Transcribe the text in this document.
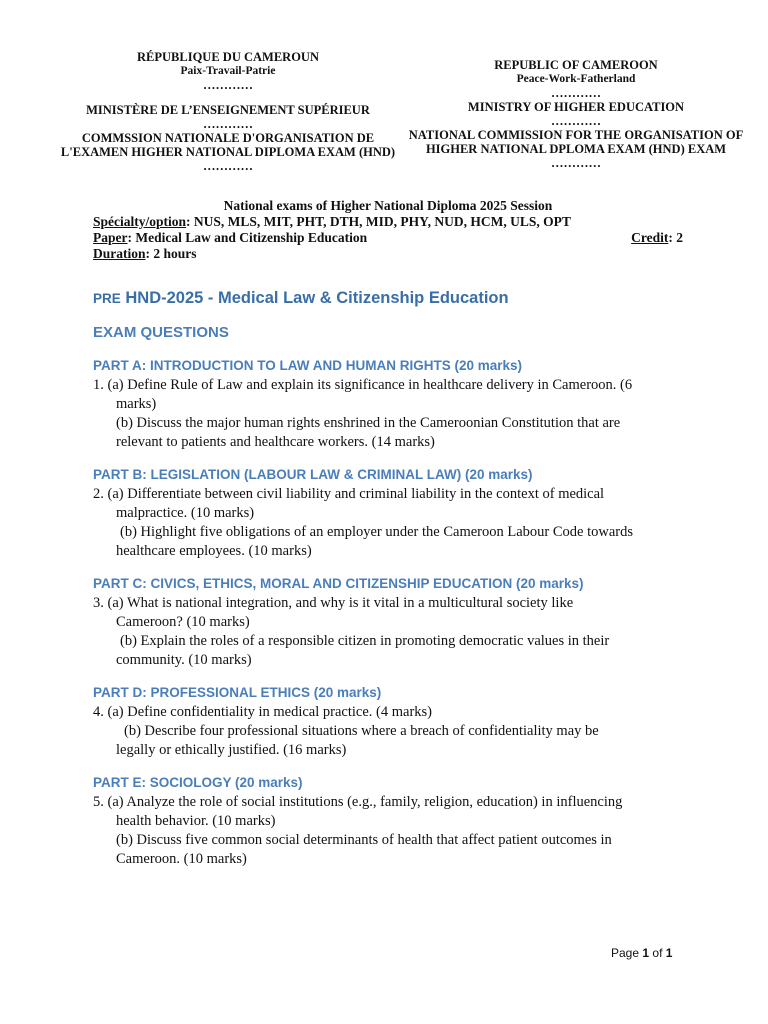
RÉPUBLIQUE DU CAMEROUN

Paix-Travail-Patrie

…………

MINISTÈRE DE L’ENSEIGNEMENT SUPÉRIEUR

…………

COMMSSION NATIONALE D'ORGANISATION DE

L'EXAMEN HIGHER NATIONAL DIPLOMA EXAM (HND)

…………

REPUBLIC OF CAMEROON

Peace-Work-Fatherland

…………

MINISTRY OF HIGHER EDUCATION

…………

NATIONAL COMMISSION FOR THE ORGANISATION OF

HIGHER NATIONAL DPLOMA EXAM (HND) EXAM

…………

National exams of Higher National Diploma 2025 Session
Spécialty/option: NUS, MLS, MIT, PHT, DTH, MID, PHY, NUD, HCM, ULS, OPT
Paper: Medical Law and Citizenship Education	Credit: 2
Duration: 2 hours
PRE HND-2025 - Medical Law & Citizenship Education
EXAM QUESTIONS
PART A: INTRODUCTION TO LAW AND HUMAN RIGHTS (20 marks)

1. (a) Define Rule of Law and explain its significance in healthcare delivery in Cameroon. (6

marks)

(b) Discuss the major human rights enshrined in the Cameroonian Constitution that are

relevant to patients and healthcare workers. (14 marks)

PART B: LEGISLATION (LABOUR LAW & CRIMINAL LAW) (20 marks)

2. (a) Differentiate between civil liability and criminal liability in the context of medical

malpractice. (10 marks)

(b) Highlight five obligations of an employer under the Cameroon Labour Code towards

healthcare employees. (10 marks)

PART C: CIVICS, ETHICS, MORAL AND CITIZENSHIP EDUCATION (20 marks)

3. (a) What is national integration, and why is it vital in a multicultural society like

Cameroon? (10 marks)

(b) Explain the roles of a responsible citizen in promoting democratic values in their

community. (10 marks)

PART D: PROFESSIONAL ETHICS (20 marks)

4. (a) Define confidentiality in medical practice. (4 marks)

(b) Describe four professional situations where a breach of confidentiality may be

legally or ethically justified. (16 marks)

PART E: SOCIOLOGY (20 marks)

5. (a) Analyze the role of social institutions (e.g., family, religion, education) in influencing

health behavior. (10 marks)

(b) Discuss five common social determinants of health that affect patient outcomes in

Cameroon. (10 marks)

Page 1 of 1
